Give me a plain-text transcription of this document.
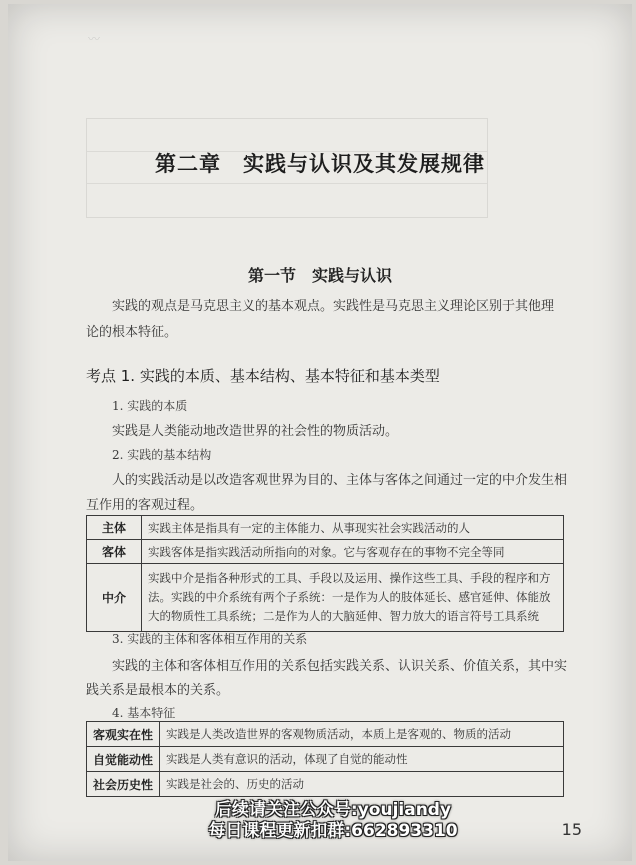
〰
第二章　实践与认识及其发展规律
第一节　实践与认识
实践的观点是马克思主义的基本观点。实践性是马克思主义理论区别于其他理论的根本特征。
考点 1. 实践的本质、基本结构、基本特征和基本类型
1. 实践的本质
实践是人类能动地改造世界的社会性的物质活动。
2. 实践的基本结构
人的实践活动是以改造客观世界为目的、主体与客体之间通过一定的中介发生相
互作用的客观过程。
主体	实践主体是指具有一定的主体能力、从事现实社会实践活动的人
客体	实践客体是指实践活动所指向的对象。它与客观存在的事物不完全等同
中介	实践中介是指各种形式的工具、手段以及运用、操作这些工具、手段的程序和方法。实践的中介系统有两个子系统：一是作为人的肢体延长、感官延伸、体能放大的物质性工具系统；二是作为人的大脑延伸、智力放大的语言符号工具系统
3. 实践的主体和客体相互作用的关系
实践的主体和客体相互作用的关系包括实践关系、认识关系、价值关系，其中实
践关系是最根本的关系。
4. 基本特征
客观实在性	实践是人类改造世界的客观物质活动，本质上是客观的、物质的活动
自觉能动性	实践是人类有意识的活动，体现了自觉的能动性
社会历史性	实践是社会的、历史的活动
后续请关注公众号:youjiandy
每日课程更新扣群:662893310	15
